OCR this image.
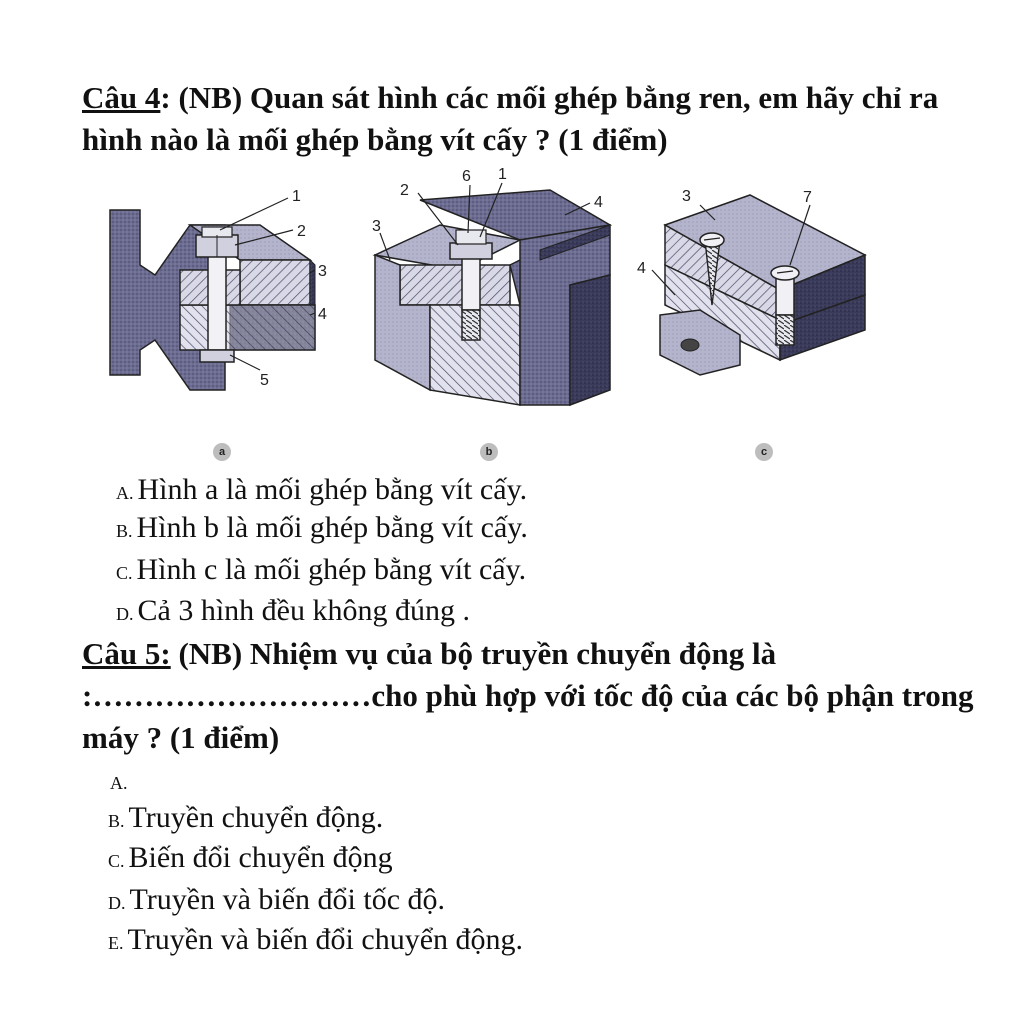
Câu 4: (NB) Quan sát hình các mối ghép bằng ren, em hãy chỉ ra hình nào là mối ghép bằng vít cấy ? (1 điểm)
1
2
3
4
5
2
6 1
4
3
3	7
4
a	b	c
A. Hình a là mối ghép bằng vít cấy.
B. Hình b là mối ghép bằng vít cấy.
C. Hình c là mối ghép bằng vít cấy.
D. Cả 3 hình đều không đúng .
Câu 5: (NB) Nhiệm vụ của bộ truyền chuyển động là :………………………cho phù hợp với tốc độ của các bộ phận trong máy ? (1 điểm)
A.
B. Truyền chuyển động.
C. Biến đổi chuyển động
D. Truyền và biến đổi tốc độ.
E. Truyền và biến đổi chuyển động.
